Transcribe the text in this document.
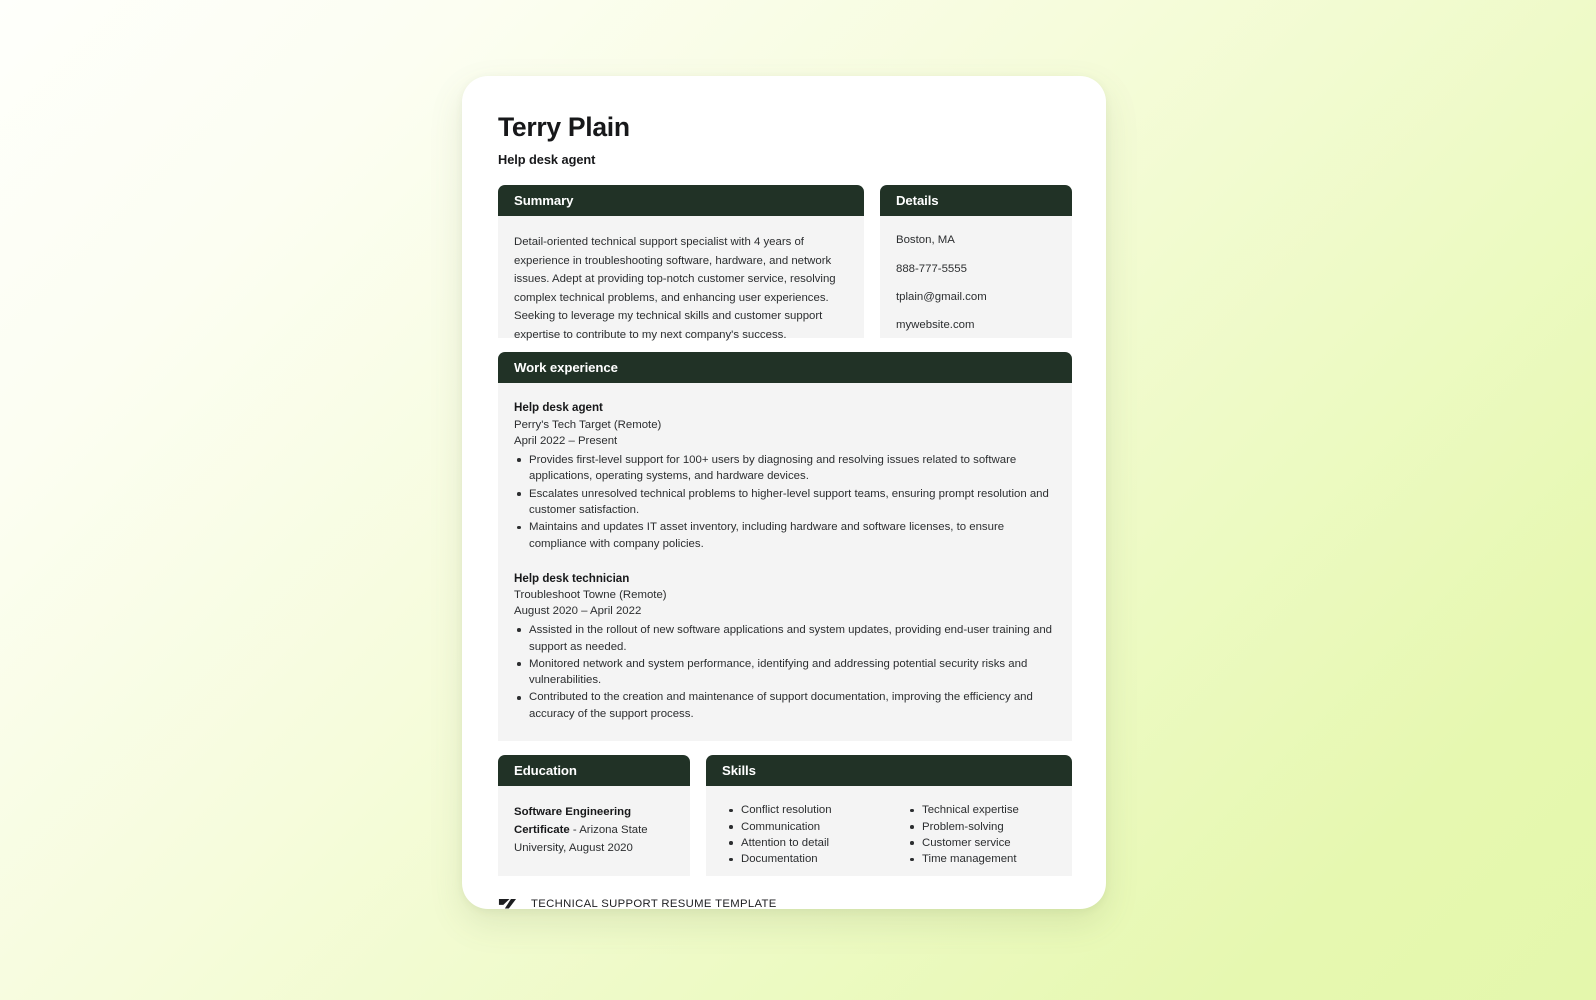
Terry Plain
Help desk agent
Summary

Detail-oriented technical support specialist with 4 years of experience in troubleshooting software, hardware, and network issues. Adept at providing top-notch customer service, resolving complex technical problems, and enhancing user experiences. Seeking to leverage my technical skills and customer support expertise to contribute to my next company's success.

Details
Boston, MA
888-777-5555
tplain@gmail.com
mywebsite.com
Work experience
Help desk agent
Perry's Tech Target (Remote)
April 2022 – Present
Provides first-level support for 100+ users by diagnosing and resolving issues related to software applications, operating systems, and hardware devices.
Escalates unresolved technical problems to higher-level support teams, ensuring prompt resolution and customer satisfaction.
Maintains and updates IT asset inventory, including hardware and software licenses, to ensure compliance with company policies.
Help desk technician
Troubleshoot Towne (Remote)
August 2020 – April 2022
Assisted in the rollout of new software applications and system updates, providing end-user training and support as needed.
Monitored network and system performance, identifying and addressing potential security risks and vulnerabilities.
Contributed to the creation and maintenance of support documentation, improving the efficiency and accuracy of the support process.
Education

Software Engineering Certificate - Arizona State University, August 2020

Skills
Conflict resolution
Communication
Attention to detail
Documentation
Technical expertise
Problem-solving
Customer service
Time management
TECHNICAL SUPPORT RESUME TEMPLATE
